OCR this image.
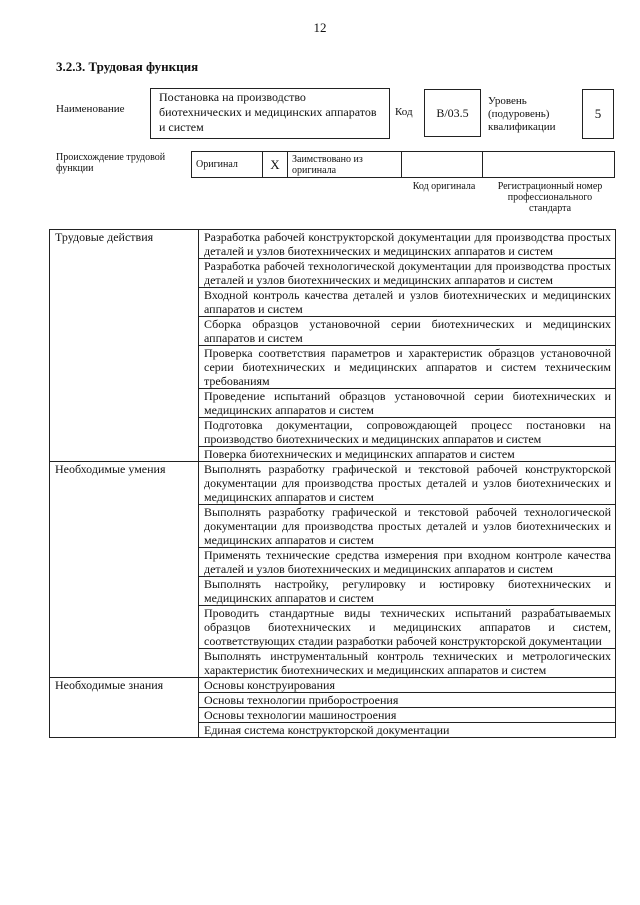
12
3.2.3. Трудовая функция
Наименование
Постановка на производство биотехнических и медицинских аппаратов и систем
Код	B/03.5
Уровень (подуровень) квалификации
5
Происхождение трудовой функции	Оригинал	X	Заимствовано из оригинала		
Код оригинала	Регистрационный номер профессионального стандарта
Трудовые действия	Разработка рабочей конструкторской документации для производства простых деталей и узлов биотехнических и медицинских аппаратов и систем
	Разработка рабочей технологической документации для производства простых деталей и узлов биотехнических и медицинских аппаратов и систем
	Входной контроль качества деталей и узлов биотехнических и медицинских аппаратов и систем
	Сборка образцов установочной серии биотехнических и медицинских аппаратов и систем
	Проверка соответствия параметров и характеристик образцов установочной серии биотехнических и медицинских аппаратов и систем техническим требованиям
	Проведение испытаний образцов установочной серии биотехнических и медицинских аппаратов и систем
	Подготовка документации, сопровождающей процесс постановки на производство биотехнических и медицинских аппаратов и систем
	Поверка биотехнических и медицинских аппаратов и систем
Необходимые умения	Выполнять разработку графической и текстовой рабочей конструкторской документации для производства простых деталей и узлов биотехнических и медицинских аппаратов и систем
	Выполнять разработку графической и текстовой рабочей технологической документации для производства простых деталей и узлов биотехнических и медицинских аппаратов и систем
	Применять технические средства измерения при входном контроле качества деталей и узлов биотехнических и медицинских аппаратов и систем
	Выполнять настройку, регулировку и юстировку биотехнических и медицинских аппаратов и систем
	Проводить стандартные виды технических испытаний разрабатываемых образцов биотехнических и медицинских аппаратов и систем, соответствующих стадии разработки рабочей конструкторской документации
	Выполнять инструментальный контроль технических и метрологических характеристик биотехнических и медицинских аппаратов и систем
Необходимые знания	Основы конструирования
	Основы технологии приборостроения
	Основы технологии машиностроения
	Единая система конструкторской документации
